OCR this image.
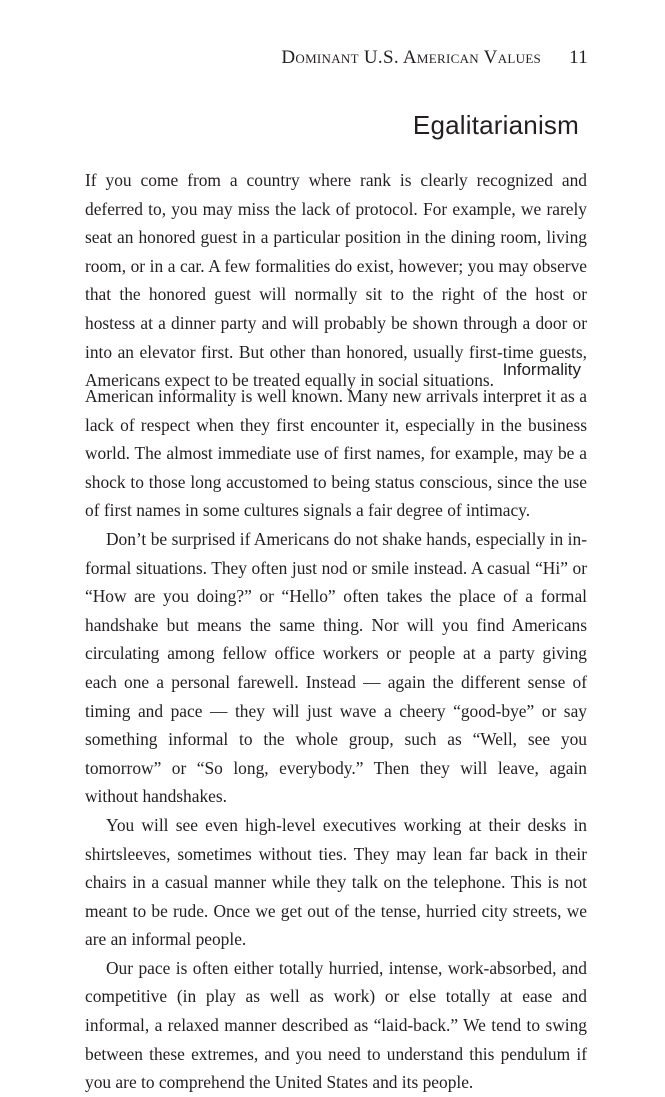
Dominant U.S. American Values 11
Egalitarianism

If you come from a country where rank is clearly recognized and deferred to, you may miss the lack of protocol. For example, we rarely seat an honored guest in a particular position in the dining room, living room, or in a car. A few formalities do exist, however; you may observe that the honored guest will normally sit to the right of the host or hostess at a dinner party and will probably be shown through a door or into an elevator first. But other than honored, usually first-time guests, Americans expect to be treated equally in social situations.

Informality

American informality is well known. Many new arrivals interpret it as a lack of respect when they first encounter it, especially in the business world. The almost immediate use of first names, for example, may be a shock to those long accustomed to being status conscious, since the use of first names in some cultures signals a fair degree of intimacy.

Don’t be surprised if Americans do not shake hands, especially in informal situations. They often just nod or smile instead. A casual “Hi” or “How are you doing?” or “Hello” often takes the place of a formal handshake but means the same thing. Nor will you find Americans circulating among fellow office workers or people at a party giving each one a personal farewell. Instead — again the different sense of timing and pace — they will just wave a cheery “good-bye” or say something informal to the whole group, such as “Well, see you tomorrow” or “So long, everybody.” Then they will leave, again without handshakes.

You will see even high-level executives working at their desks in shirtsleeves, sometimes without ties. They may lean far back in their chairs in a casual manner while they talk on the telephone. This is not meant to be rude. Once we get out of the tense, hurried city streets, we are an informal people.

Our pace is often either totally hurried, intense, work-absorbed, and competitive (in play as well as work) or else totally at ease and informal, a relaxed manner described as “laid-back.” We tend to swing between these extremes, and you need to understand this pendulum if you are to comprehend the United States and its people.
